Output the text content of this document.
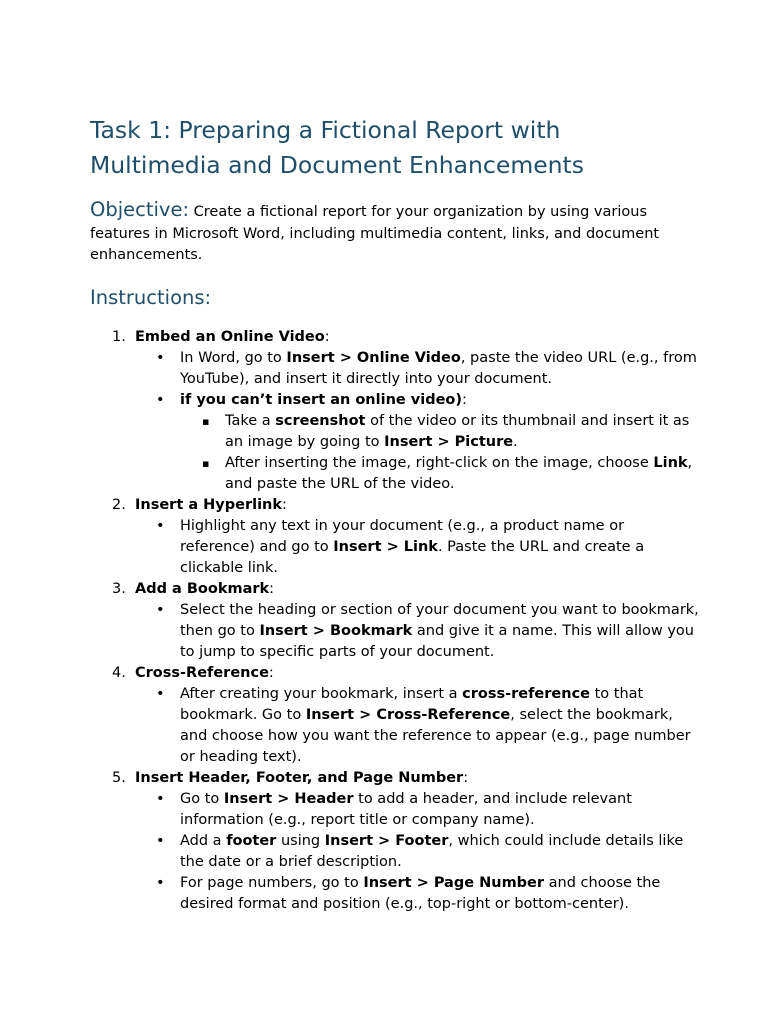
Task 1: Preparing a Fictional Report with
Multimedia and Document Enhancements

Objective: Create a fictional report for your organization by using various features in Microsoft Word, including multimedia content, links, and document enhancements.

Instructions:
1. Embed an Online Video:
• In Word, go to Insert > Online Video, paste the video URL (e.g., from YouTube), and insert it directly into your document.
• if you can’t insert an online video):
▪ Take a screenshot of the video or its thumbnail and insert it as an image by going to Insert > Picture.
▪ After inserting the image, right-click on the image, choose Link, and paste the URL of the video.
2. Insert a Hyperlink:
• Highlight any text in your document (e.g., a product name or reference) and go to Insert > Link. Paste the URL and create a clickable link.
3. Add a Bookmark:
• Select the heading or section of your document you want to bookmark, then go to Insert > Bookmark and give it a name. This will allow you to jump to specific parts of your document.
4. Cross-Reference:
• After creating your bookmark, insert a cross-reference to that bookmark. Go to Insert > Cross-Reference, select the bookmark, and choose how you want the reference to appear (e.g., page number or heading text).
5. Insert Header, Footer, and Page Number:
• Go to Insert > Header to add a header, and include relevant information (e.g., report title or company name).
• Add a footer using Insert > Footer, which could include details like the date or a brief description.
• For page numbers, go to Insert > Page Number and choose the desired format and position (e.g., top-right or bottom-center).
